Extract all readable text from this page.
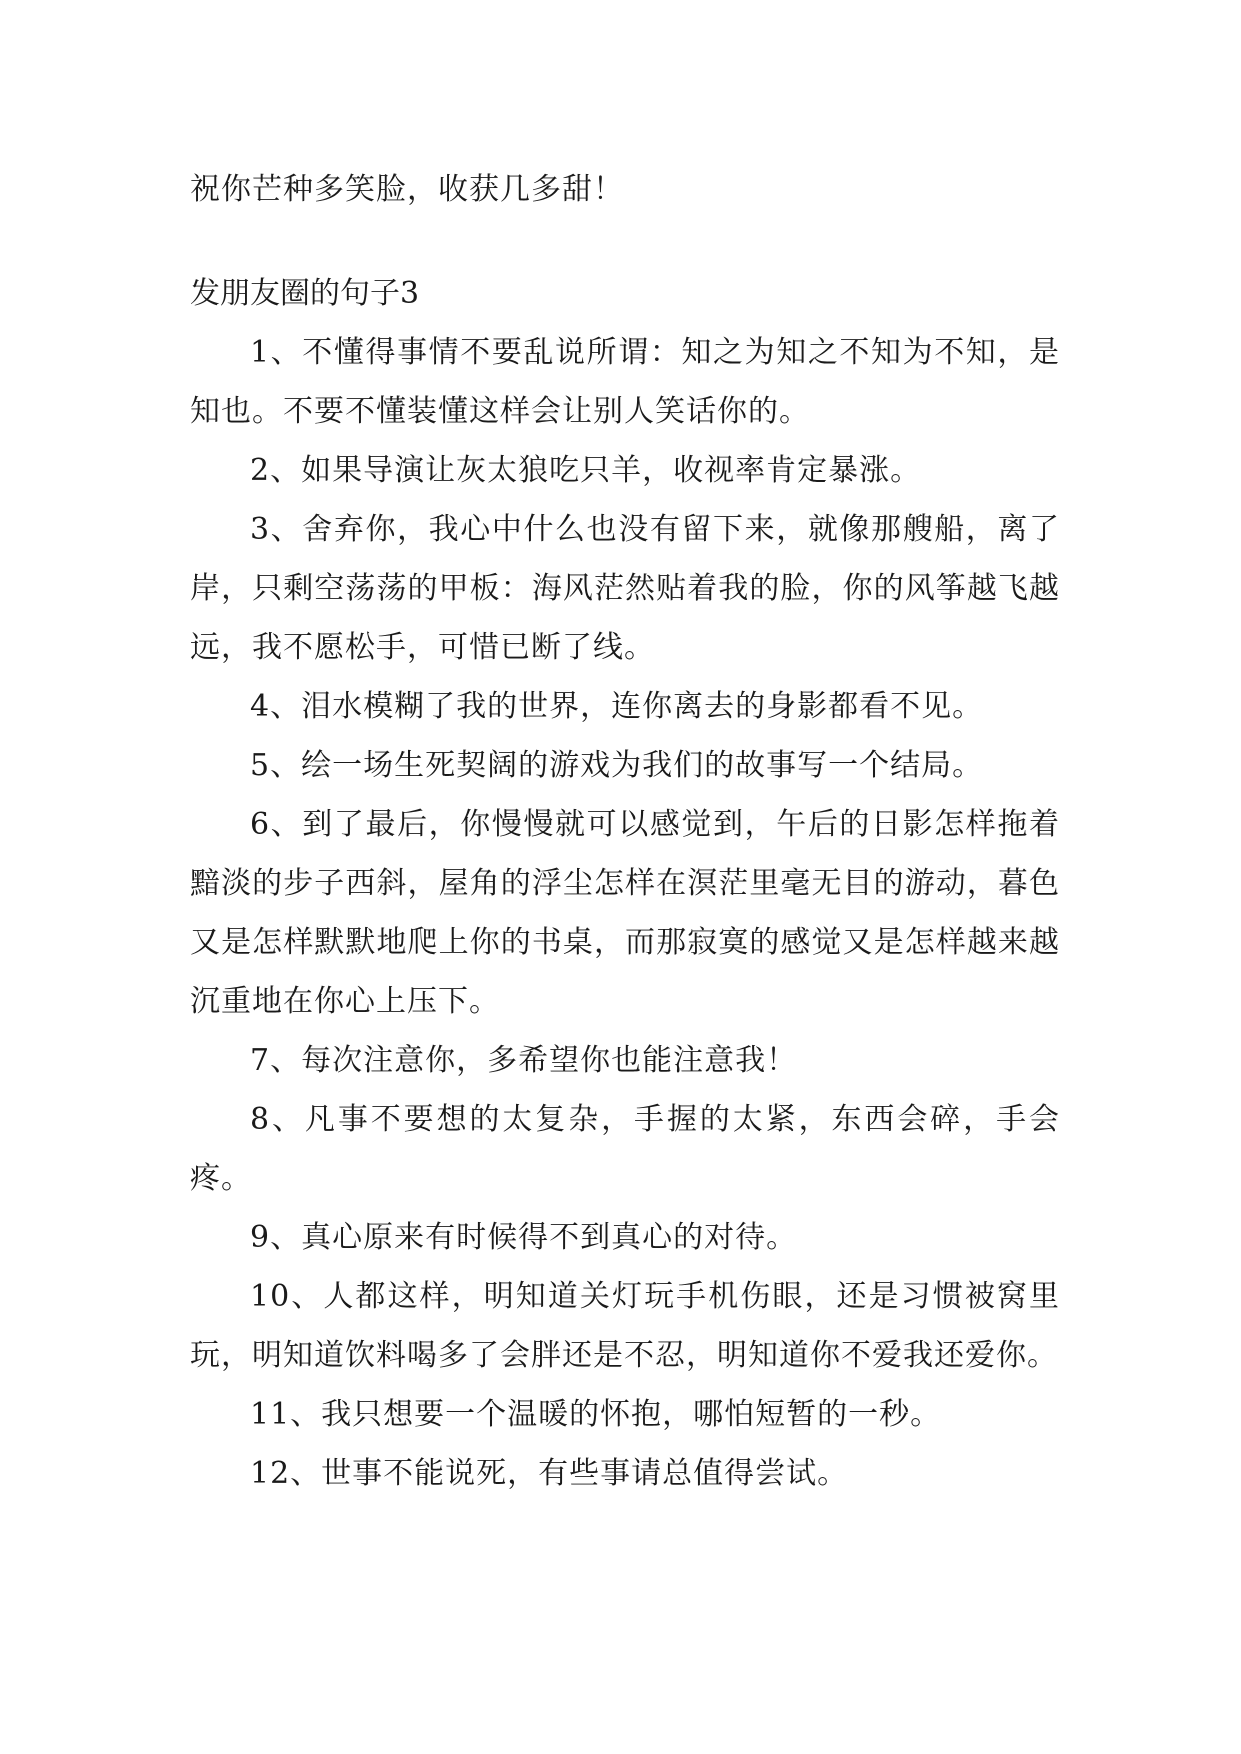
祝你芒种多笑脸，收获几多甜！

发朋友圈的句子3

1、不懂得事情不要乱说所谓：知之为知之不知为不知，是知也。不要不懂装懂这样会让别人笑话你的。

2、如果导演让灰太狼吃只羊，收视率肯定暴涨。

3、舍弃你，我心中什么也没有留下来，就像那艘船，离了岸，只剩空荡荡的甲板：海风茫然贴着我的脸，你的风筝越飞越远，我不愿松手，可惜已断了线。

4、泪水模糊了我的世界，连你离去的身影都看不见。

5、绘一场生死契阔的游戏为我们的故事写一个结局。

6、到了最后，你慢慢就可以感觉到，午后的日影怎样拖着黯淡的步子西斜，屋角的浮尘怎样在溟茫里毫无目的游动，暮色又是怎样默默地爬上你的书桌，而那寂寞的感觉又是怎样越来越沉重地在你心上压下。

7、每次注意你，多希望你也能注意我！

8、凡事不要想的太复杂，手握的太紧，东西会碎，手会疼。

9、真心原来有时候得不到真心的对待。

10、人都这样，明知道关灯玩手机伤眼，还是习惯被窝里玩，明知道饮料喝多了会胖还是不忍，明知道你不爱我还爱你。

11、我只想要一个温暖的怀抱，哪怕短暂的一秒。

12、世事不能说死，有些事请总值得尝试。
